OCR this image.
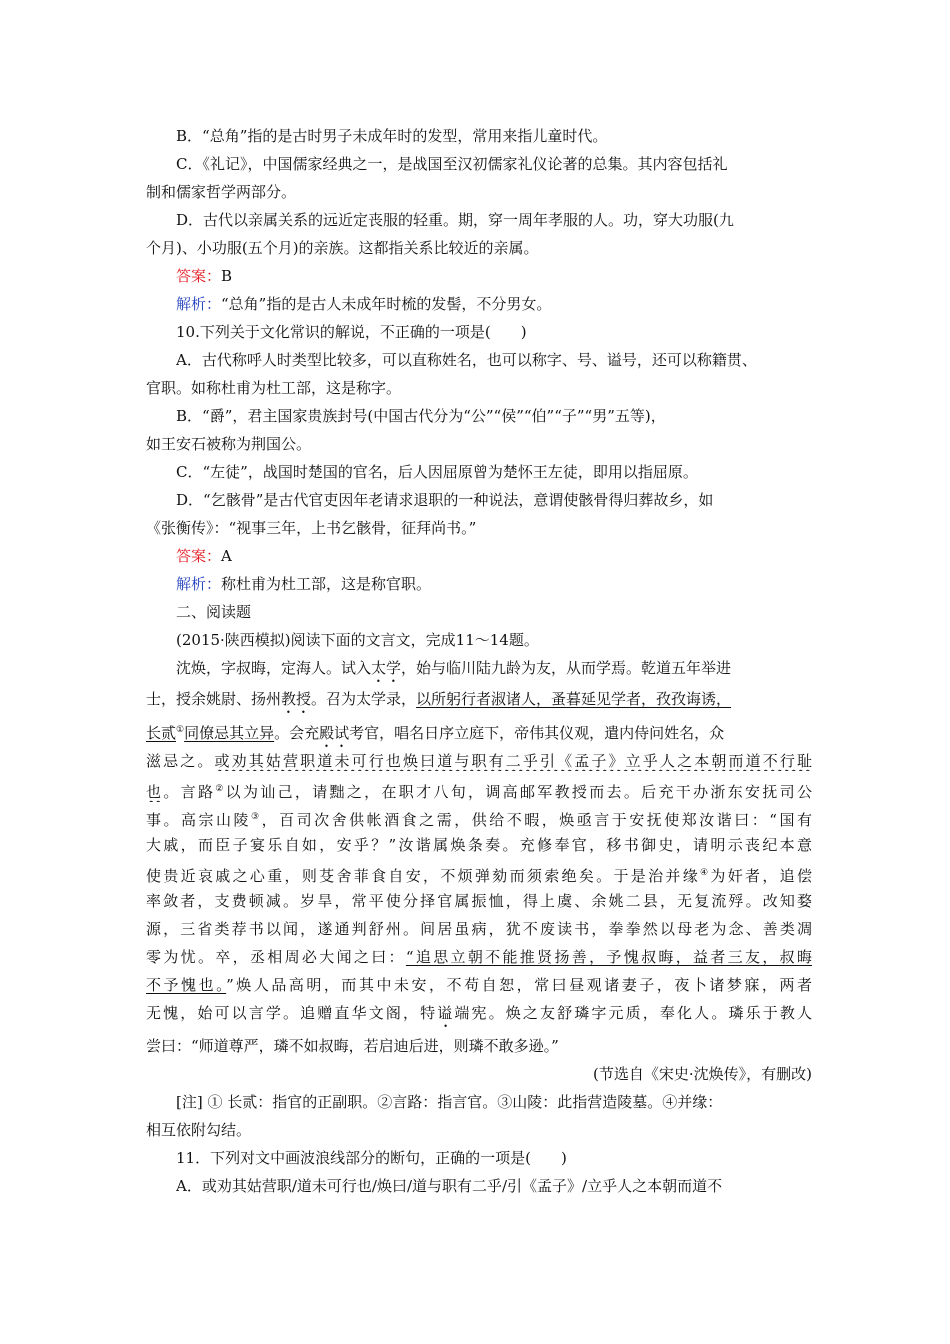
B．“总角”指的是古时男子未成年时的发型，常用来指儿童时代。
C．《礼记》，中国儒家经典之一，是战国至汉初儒家礼仪论著的总集。其内容包括礼
制和儒家哲学两部分。
D．古代以亲属关系的远近定丧服的轻重。期，穿一周年孝服的人。功，穿大功服(九
个月)、小功服(五个月)的亲族。这都指关系比较近的亲属。
答案：B
解析：“总角”指的是古人未成年时梳的发髻，不分男女。
10.下列关于文化常识的解说，不正确的一项是(　　)
A．古代称呼人时类型比较多，可以直称姓名，也可以称字、号、谥号，还可以称籍贯、
官职。如称杜甫为杜工部，这是称字。
B．“爵”，君主国家贵族封号(中国古代分为“公”“侯”“伯”“子”“男”五等)，
如王安石被称为荆国公。
C．“左徒”，战国时楚国的官名，后人因屈原曾为楚怀王左徒，即用以指屈原。
D．“乞骸骨”是古代官吏因年老请求退职的一种说法，意谓使骸骨得归葬故乡，如
《张衡传》：“视事三年，上书乞骸骨，征拜尚书。”
答案：A
解析：称杜甫为杜工部，这是称官职。
二、阅读题
(2015·陕西模拟)阅读下面的文言文，完成11～14题。
沈焕，字叔晦，定海人。试入太学，始与临川陆九龄为友，从而学焉。乾道五年举进
士，授余姚尉、扬州教授。召为太学录，以所躬行者淑诸人，蚤暮延见学者，孜孜诲诱，
长贰①同僚忌其立异。会充殿试考官，唱名日序立庭下，帝伟其仪观，遣内侍问姓名，众
滋忌之。或劝其姑营职道未可行也焕曰道与职有二乎引《孟子》立乎人之本朝而道不行耻
也。言路②以为讪己，请黜之，在职才八旬，调高邮军教授而去。后充干办浙东安抚司公
事。高宗山陵③，百司次舍供帐酒食之需，供给不暇，焕亟言于安抚使郑汝谐曰：“国有
大戚，而臣子宴乐自如，安乎？”汝谐属焕条奏。充修奉官，移书御史，请明示丧纪本意
使贵近哀戚之心重，则芟舍菲食自安，不烦弹劾而须索绝矣。于是治并缘④为奸者，追偿
率敛者，支费顿减。岁旱，常平使分择官属振恤，得上虞、余姚二县，无复流殍。改知婺
源，三省类荐书以闻，遂通判舒州。间居虽病，犹不废读书，拳拳然以母老为念、善类凋
零为忧。卒，丞相周必大闻之曰：“追思立朝不能推贤扬善，予愧叔晦，益者三友，叔晦
不予愧也。”焕人品高明，而其中未安，不苟自恕，常曰昼观诸妻子，夜卜诸梦寐，两者
无愧，始可以言学。追赠直华文阁，特谥端宪。焕之友舒璘字元质，奉化人。璘乐于教人
尝曰：“师道尊严，璘不如叔晦，若启迪后进，则璘不敢多逊。”
(节选自《宋史·沈焕传》，有删改)
[注] ① 长贰：指官的正副职。②言路：指言官。③山陵：此指营造陵墓。④并缘：
相互依附勾结。
11．下列对文中画波浪线部分的断句，正确的一项是(　　)
A．或劝其姑营职/道未可行也/焕曰/道与职有二乎/引《孟子》/立乎人之本朝而道不
